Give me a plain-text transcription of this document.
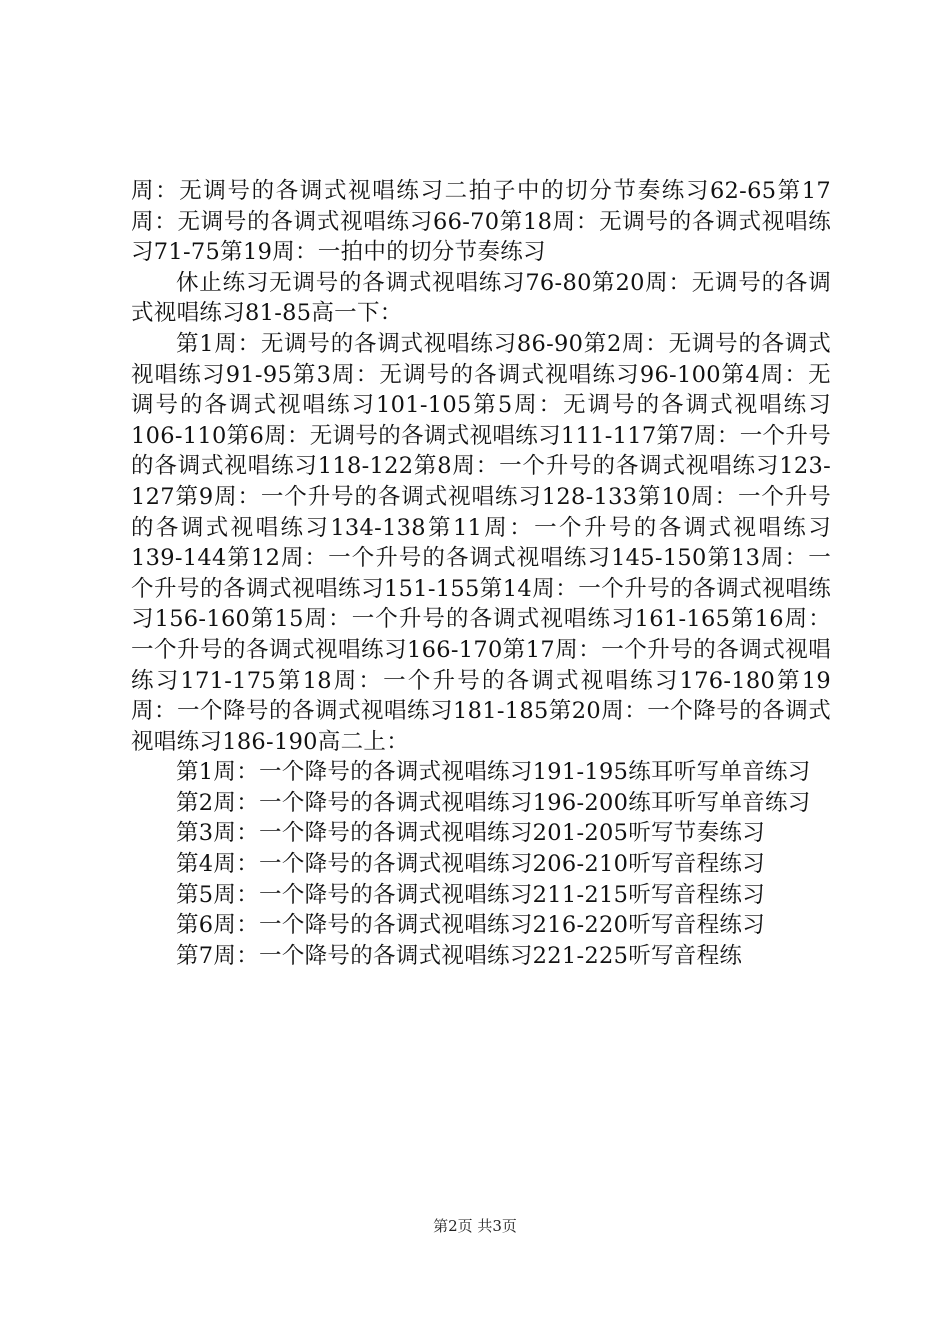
周：无调号的各调式视唱练习二拍子中的切分节奏练习62-65第17周：无调号的各调式视唱练习66-70第18周：无调号的各调式视唱练习71-75第19周：一拍中的切分节奏练习

休止练习无调号的各调式视唱练习76-80第20周：无调号的各调式视唱练习81-85高一下：

第1周：无调号的各调式视唱练习86-90第2周：无调号的各调式视唱练习91-95第3周：无调号的各调式视唱练习96-100第4周：无调号的各调式视唱练习101-105第5周：无调号的各调式视唱练习106-110第6周：无调号的各调式视唱练习111-117第7周：一个升号的各调式视唱练习118-122第8周：一个升号的各调式视唱练习123-127第9周：一个升号的各调式视唱练习128-133第10周：一个升号的各调式视唱练习134-138第11周：一个升号的各调式视唱练习139-144第12周：一个升号的各调式视唱练习145-150第13周：一个升号的各调式视唱练习151-155第14周：一个升号的各调式视唱练习156-160第15周：一个升号的各调式视唱练习161-165第16周：一个升号的各调式视唱练习166-170第17周：一个升号的各调式视唱练习171-175第18周：一个升号的各调式视唱练习176-180第19周：一个降号的各调式视唱练习181-185第20周：一个降号的各调式视唱练习186-190高二上：

第1周：一个降号的各调式视唱练习191-195练耳听写单音练习

第2周：一个降号的各调式视唱练习196-200练耳听写单音练习

第3周：一个降号的各调式视唱练习201-205听写节奏练习

第4周：一个降号的各调式视唱练习206-210听写音程练习

第5周：一个降号的各调式视唱练习211-215听写音程练习

第6周：一个降号的各调式视唱练习216-220听写音程练习

第7周：一个降号的各调式视唱练习221-225听写音程练

第2页 共3页
